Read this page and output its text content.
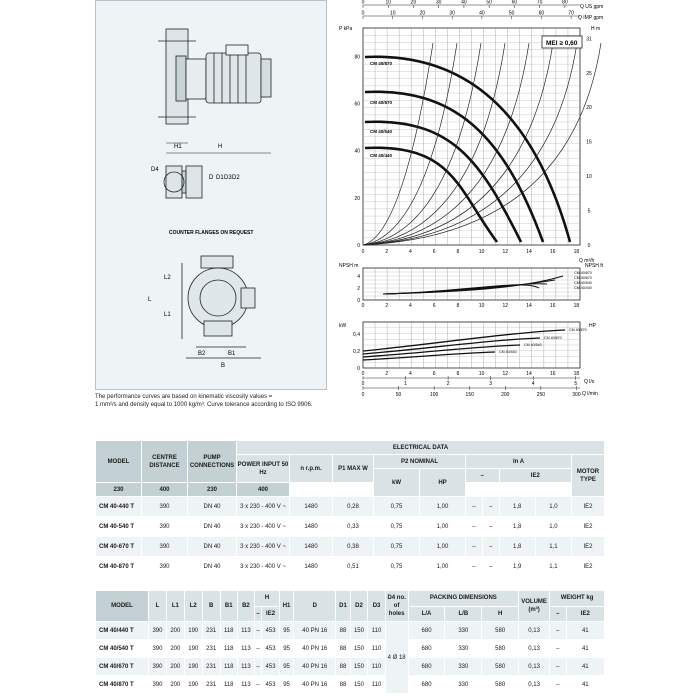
H1	H
D4
D D1 D3 D2
COUNTER FLANGES ON REQUEST
L2
L
L1
B2	B1
B
The performance curves are based on kinematic viscosity values =
1 mm²/s and density equal to 1000 kg/m³. Curve tolerance according to ISO 9906.
0	10	20	30	40	50	60	70	80
0	10	20	30	40	50	60	70
0
20
40
60
80
0
5
10
15
20
25
31
0	2	4	6	8	10	12	14	16	18
0
2
4
0	2	4	6	8	10	12	14	16	18
0
0,2
0,4
0	2	4	6	8	10	12	14	16	18
0	1	2	3	4	5
0	50	100	150	200	250	300
CM 40/870
CM 40/670
CM 40/540
CM 40/440
CM 40/870
CM 40/670
CM 40/540
CM 40/440
CM 40/870
CM 40/670
CM 40/540
CM 40/440
Q US gpm
Q IMP gpm
MEI ≥ 0,60
P kPa	H m
Q m³/h
NPSH m	NPSH ft
kW	HP
Q l/s
Q l/min
MODEL	CENTRE DISTANCE	PUMP CONNECTIONS	ELECTRICAL DATA									
			POWER INPUT 50 Hz	n r.p.m.	P1 MAX W	P2 NOMINAL		In A				MOTOR TYPE
						kW	HP	–		IE2		
230	400	230	400									
CM 40-440 T	390	DN 40	3 x 230 - 400 V ~	1480	0,28	0,75	1,00	–	–	1,8	1,0	IE2
CM 40-540 T	390	DN 40	3 x 230 - 400 V ~	1480	0,33	0,75	1,00	–	–	1,8	1,0	IE2
CM 40-670 T	390	DN 40	3 x 230 - 400 V ~	1480	0,38	0,75	1,00	–	–	1,8	1,1	IE2
CM 40-870 T	390	DN 40	3 x 230 - 400 V ~	1480	0,51	0,75	1,00	–	–	1,9	1,1	IE2
MODEL	L	L1	L2	B	B1	B2	H		H1	D	D1	D2	D3	D4 no. of holes	PACKING DIMENSIONS			VOLUME (m³)	WEIGHT kg	
							–	IE2							L/A	L/B	H		–	IE2
CM 40/440 T	390	200	190	231	118	113	–	453	95	40 PN 16	88	150	110	4 Ø 18	680	330	580	0,13	–	41
CM 40/540 T	390	200	190	231	118	113	–	453	95	40 PN 16	88	150	110		680	330	580	0,13	–	41
CM 40/670 T	390	200	190	231	118	113	–	453	95	40 PN 16	88	150	110		680	330	580	0,13	–	41
CM 40/870 T	390	200	190	231	118	113	–	453	95	40 PN 16	88	150	110		680	330	580	0,13	–	41
